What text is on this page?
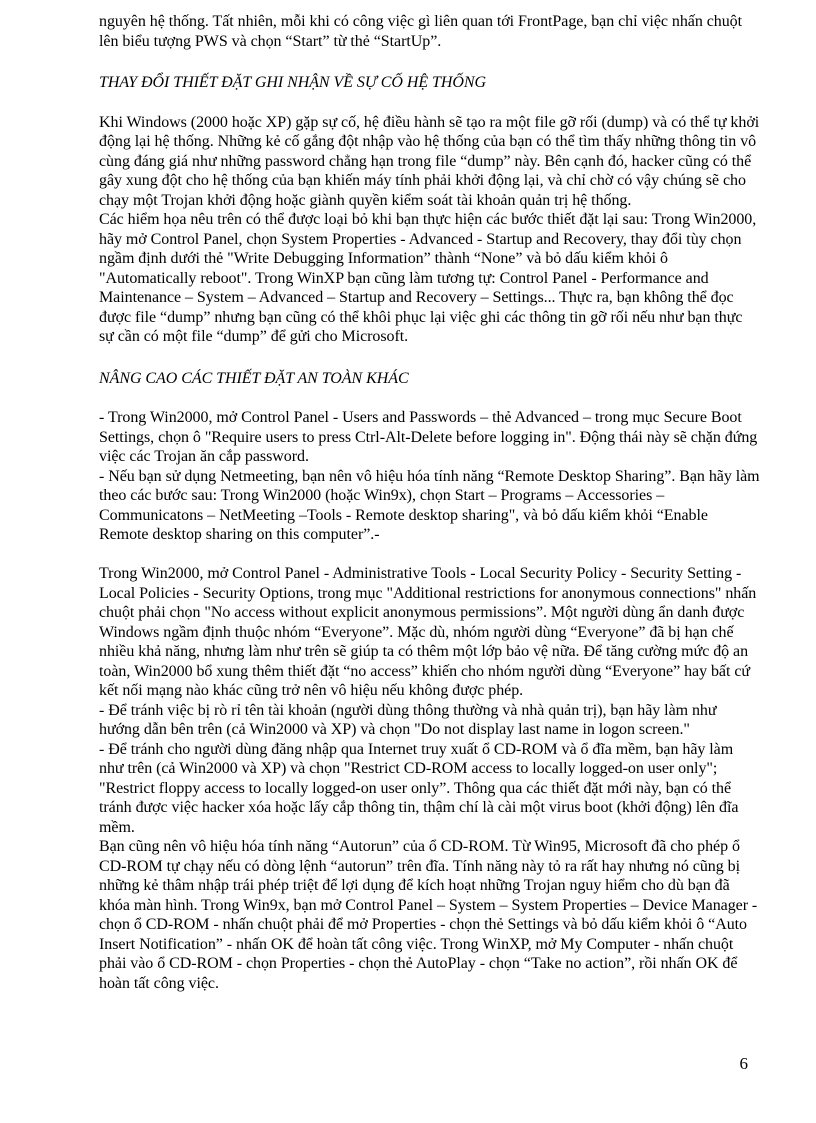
nguyên hệ thống. Tất nhiên, mỗi khi có công việc gì liên quan tới FrontPage, bạn chỉ việc nhấn chuột lên biểu tượng PWS và chọn “Start” từ thẻ “StartUp”.

THAY ĐỔI THIẾT ĐẶT GHI NHẬN VỀ SỰ CỐ HỆ THỐNG

Khi Windows (2000 hoặc XP) gặp sự cố, hệ điều hành sẽ tạo ra một file gỡ rối (dump) và có thể tự khởi động lại hệ thống. Những kẻ cố gắng đột nhập vào hệ thống của bạn có thể tìm thấy những thông tin vô cùng đáng giá như những password chẳng hạn trong file “dump” này. Bên cạnh đó, hacker cũng có thể gây xung đột cho hệ thống của bạn khiến máy tính phải khởi động lại, và chỉ chờ có vậy chúng sẽ cho chạy một Trojan khởi động hoặc giành quyền kiểm soát tài khoản quản trị hệ thống.

Các hiểm họa nêu trên có thể được loại bỏ khi bạn thực hiện các bước thiết đặt lại sau: Trong Win2000, hãy mở Control Panel, chọn System Properties - Advanced - Startup and Recovery, thay đổi tùy chọn ngầm định dưới thẻ "Write Debugging Information” thành “None” và bỏ dấu kiểm khỏi ô "Automatically reboot". Trong WinXP bạn cũng làm tương tự: Control Panel - Performance and Maintenance – System – Advanced – Startup and Recovery – Settings... Thực ra, bạn không thể đọc được file “dump” nhưng bạn cũng có thể khôi phục lại việc ghi các thông tin gỡ rối nếu như bạn thực sự cần có một file “dump” để gửi cho Microsoft.

NÂNG CAO CÁC THIẾT ĐẶT AN TOÀN KHÁC

- Trong Win2000, mở Control Panel - Users and Passwords – thẻ Advanced – trong mục Secure Boot Settings, chọn ô "Require users to press Ctrl-Alt-Delete before logging in". Động thái này sẽ chặn đứng việc các Trojan ăn cắp password.

- Nếu bạn sử dụng Netmeeting, bạn nên vô hiệu hóa tính năng “Remote Desktop Sharing”. Bạn hãy làm theo các bước sau: Trong Win2000 (hoặc Win9x), chọn Start – Programs – Accessories – Communicatons – NetMeeting –Tools - Remote desktop sharing", và bỏ dấu kiểm khỏi “Enable Remote desktop sharing on this computer”.-

Trong Win2000, mở Control Panel - Administrative Tools - Local Security Policy - Security Setting - Local Policies - Security Options, trong mục "Additional restrictions for anonymous connections" nhấn chuột phải chọn "No access without explicit anonymous permissions”. Một người dùng ẩn danh được Windows ngầm định thuộc nhóm “Everyone”. Mặc dù, nhóm người dùng “Everyone” đã bị hạn chế nhiều khả năng, nhưng làm như trên sẽ giúp ta có thêm một lớp bảo vệ nữa. Để tăng cường mức độ an toàn, Win2000 bổ xung thêm thiết đặt “no access” khiến cho nhóm người dùng “Everyone” hay bất cứ kết nối mạng nào khác cũng trở nên vô hiệu nếu không được phép.

- Để tránh việc bị rò rỉ tên tài khoản (người dùng thông thường và nhà quản trị), bạn hãy làm như hướng dẫn bên trên (cả Win2000 và XP) và chọn "Do not display last name in logon screen."

- Để tránh cho người dùng đăng nhập qua Internet truy xuất ổ CD-ROM và ổ đĩa mềm, bạn hãy làm như trên (cả Win2000 và XP) và chọn "Restrict CD-ROM access to locally logged-on user only"; "Restrict floppy access to locally logged-on user only”. Thông qua các thiết đặt mới này, bạn có thể tránh được việc hacker xóa hoặc lấy cắp thông tin, thậm chí là cài một virus boot (khởi động) lên đĩa mềm.

Bạn cũng nên vô hiệu hóa tính năng “Autorun” của ổ CD-ROM. Từ Win95, Microsoft đã cho phép ổ CD-ROM tự chạy nếu có dòng lệnh “autorun” trên đĩa. Tính năng này tỏ ra rất hay nhưng nó cũng bị những kẻ thâm nhập trái phép triệt để lợi dụng để kích hoạt những Trojan nguy hiểm cho dù bạn đã khóa màn hình. Trong Win9x, bạn mở Control Panel – System – System Properties – Device Manager - chọn ổ CD-ROM - nhấn chuột phải để mở Properties - chọn thẻ Settings và bỏ dấu kiểm khỏi ô “Auto Insert Notification” - nhấn OK để hoàn tất công việc. Trong WinXP, mở My Computer - nhấn chuột phải vào ổ CD-ROM - chọn Properties - chọn thẻ AutoPlay - chọn “Take no action”, rồi nhấn OK để hoàn tất công việc.

6
